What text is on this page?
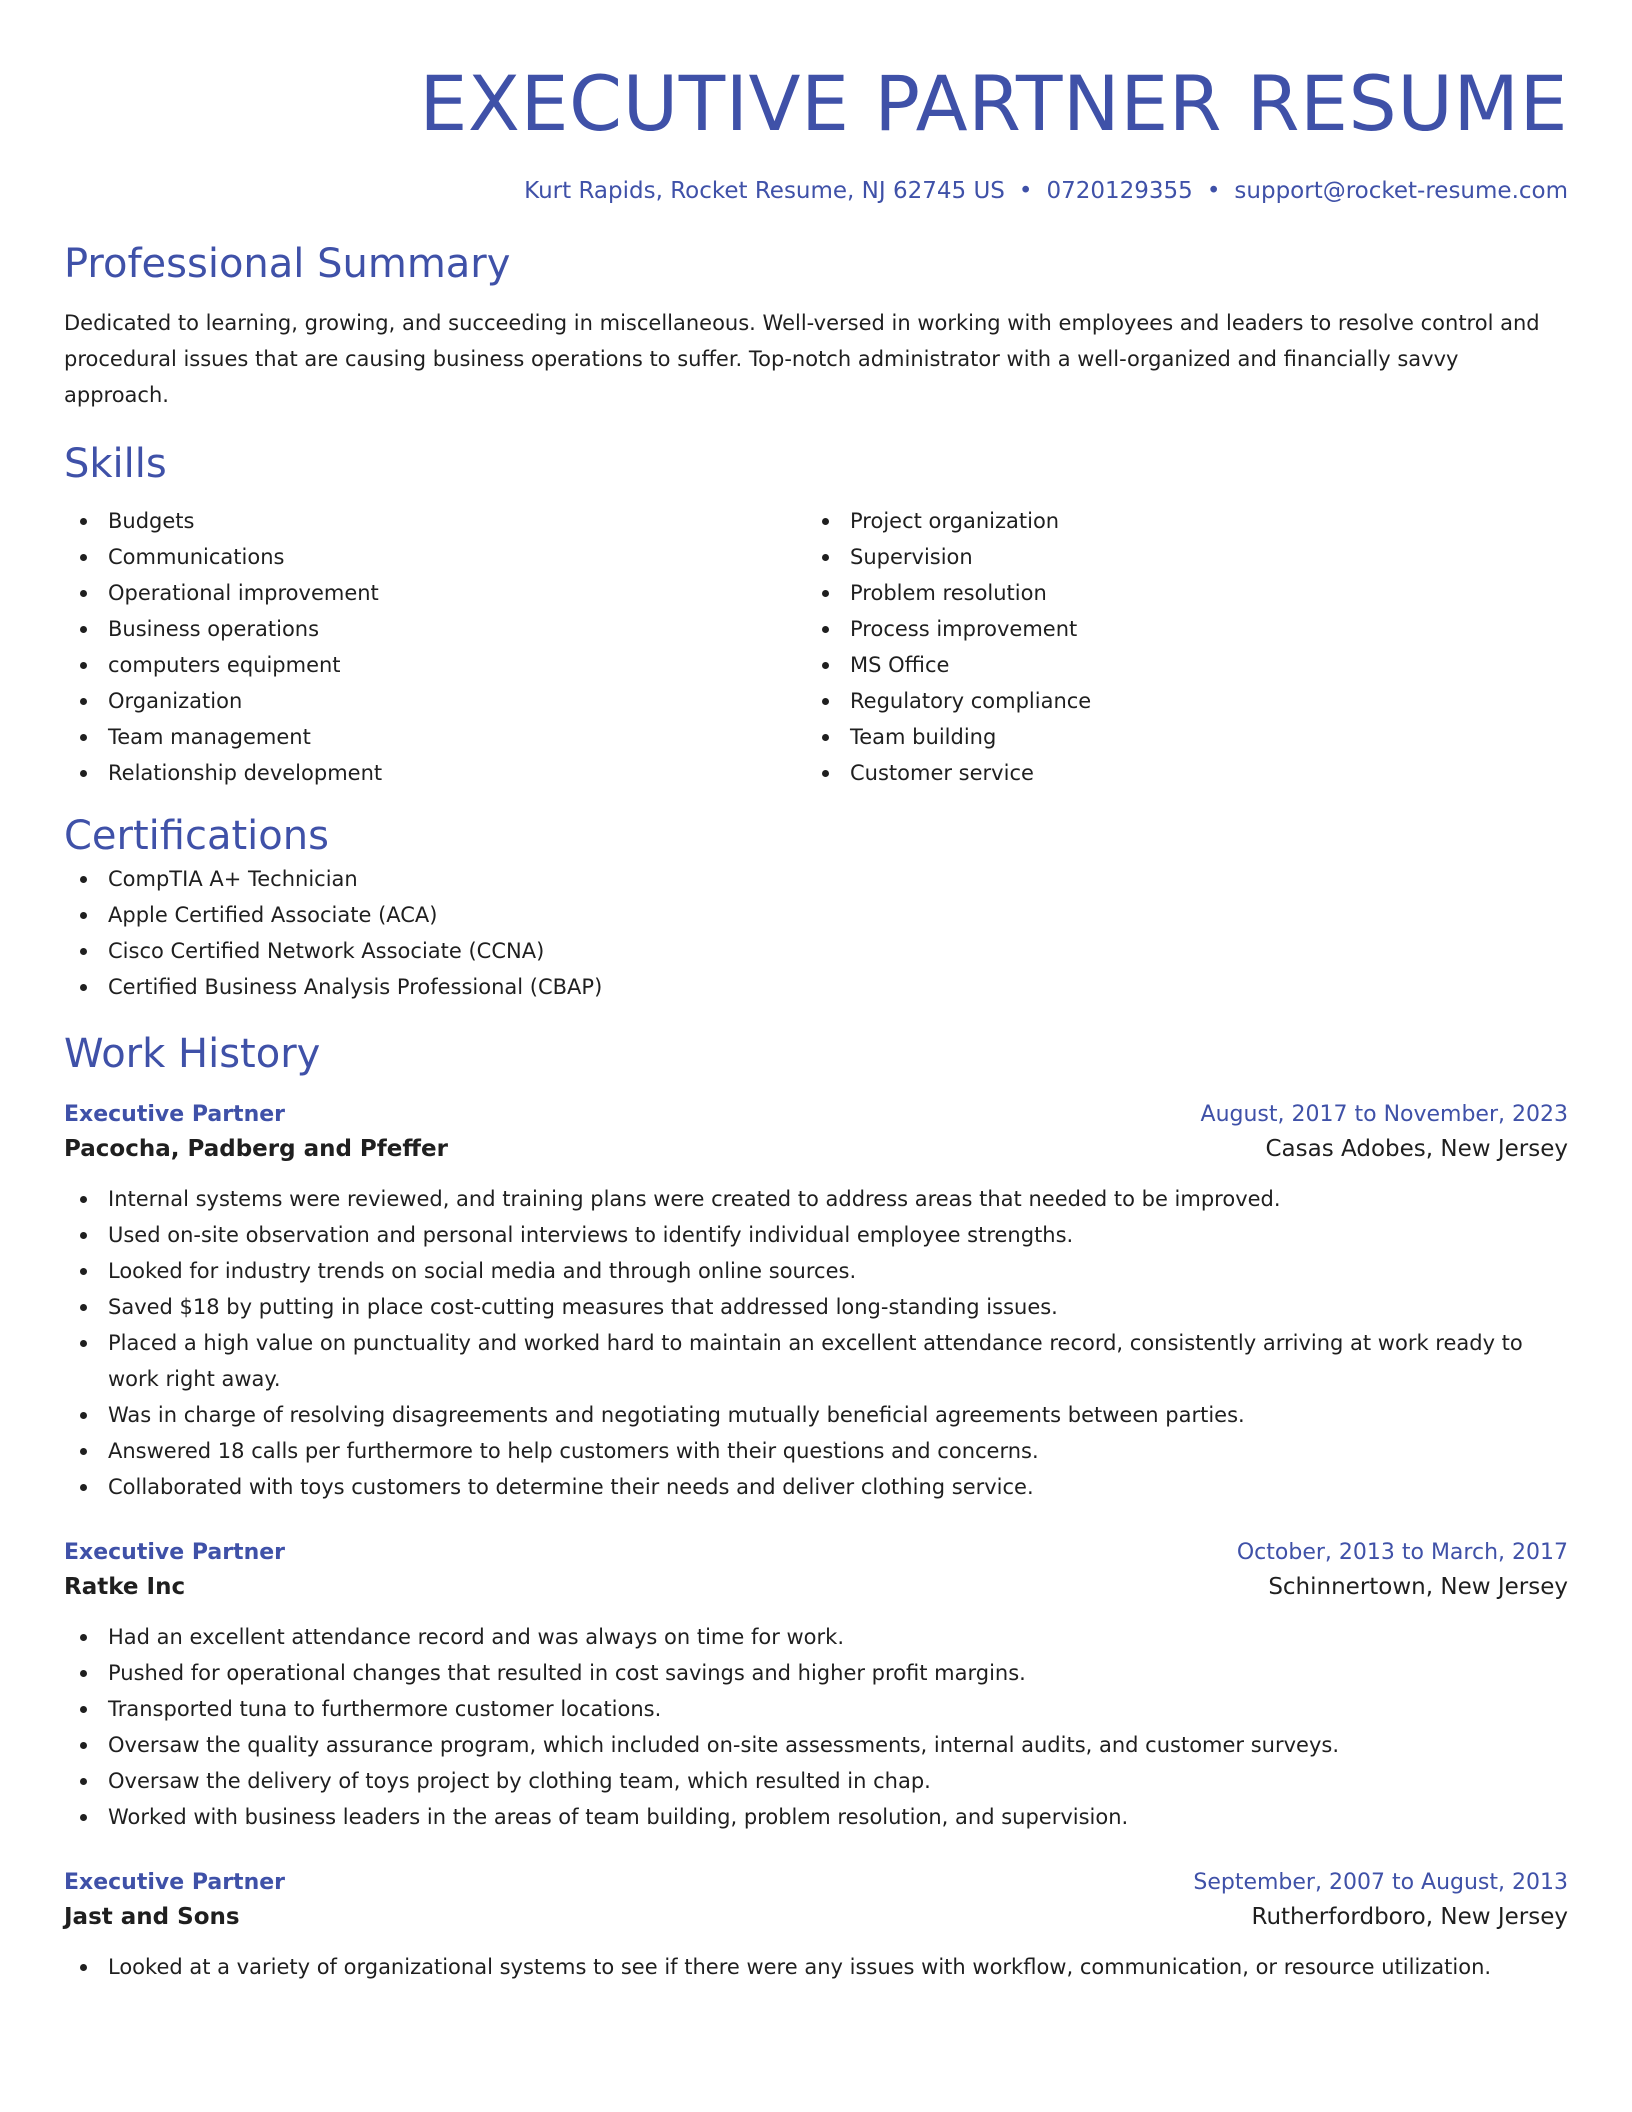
EXECUTIVE PARTNER RESUME
Kurt Rapids, Rocket Resume, NJ 62745 US • 0720129355 • support@rocket-resume.com
Professional Summary

Dedicated to learning, growing, and succeeding in miscellaneous. Well-versed in working with employees and leaders to resolve control and procedural issues that are causing business operations to suffer. Top-notch administrator with a well-organized and financially savvy approach.

Skills
Budgets
Communications
Operational improvement
Business operations
computers equipment
Organization
Team management
Relationship development
Project organization
Supervision
Problem resolution
Process improvement
MS Office
Regulatory compliance
Team building
Customer service
Certifications
CompTIA A+ Technician
Apple Certified Associate (ACA)
Cisco Certified Network Associate (CCNA)
Certified Business Analysis Professional (CBAP)
Work History
Executive Partner	August, 2017 to November, 2023
Pacocha, Padberg and Pfeffer	Casas Adobes, New Jersey
Internal systems were reviewed, and training plans were created to address areas that needed to be improved.
Used on-site observation and personal interviews to identify individual employee strengths.
Looked for industry trends on social media and through online sources.
Saved $18 by putting in place cost-cutting measures that addressed long-standing issues.
Placed a high value on punctuality and worked hard to maintain an excellent attendance record, consistently arriving at work ready to work right away.
Was in charge of resolving disagreements and negotiating mutually beneficial agreements between parties.
Answered 18 calls per furthermore to help customers with their questions and concerns.
Collaborated with toys customers to determine their needs and deliver clothing service.
Executive Partner	October, 2013 to March, 2017
Ratke Inc	Schinnertown, New Jersey
Had an excellent attendance record and was always on time for work.
Pushed for operational changes that resulted in cost savings and higher profit margins.
Transported tuna to furthermore customer locations.
Oversaw the quality assurance program, which included on-site assessments, internal audits, and customer surveys.
Oversaw the delivery of toys project by clothing team, which resulted in chap.
Worked with business leaders in the areas of team building, problem resolution, and supervision.
Executive Partner	September, 2007 to August, 2013
Jast and Sons	Rutherfordboro, New Jersey
Looked at a variety of organizational systems to see if there were any issues with workflow, communication, or resource utilization.
